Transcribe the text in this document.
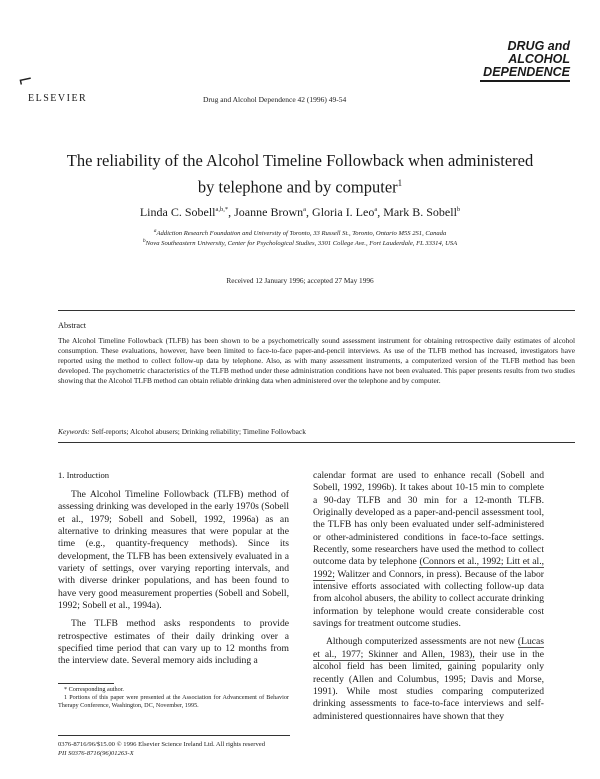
⌐
ELSEVIER	Drug and Alcohol Dependence 42 (1996) 49-54
DRUG and
ALCOHOL
DEPENDENCE
The reliability of the Alcohol Timeline Followback when administered
by telephone and by computer$^1$
Linda C. Sobell$^{a,b,*}$, Joanne Brown$^a$, Gloria I. Leo$^a$, Mark B. Sobell$^b$
$^a$Addiction Research Foundation and University of Toronto, 33 Russell St., Toronto, Ontario M5S 2S1, Canada
$^b$Nova Southeastern University, Center for Psychological Studies, 3301 College Ave., Fort Lauderdale, FL 33314, USA
Received 12 January 1996; accepted 27 May 1996
Abstract
The Alcohol Timeline Followback (TLFB) has been shown to be a psychometrically sound assessment instrument for obtaining retrospective daily estimates of alcohol consumption. These evaluations, however, have been limited to face-to-face paper-and-pencil interviews. As use of the TLFB method has increased, investigators have reported using the method to collect follow-up data by telephone. Also, as with many assessment instruments, a computerized version of the TLFB method has been developed. The psychometric characteristics of the TLFB method under these administration conditions have not been evaluated. This paper presents results from two studies showing that the Alcohol TLFB method can obtain reliable drinking data when administered over the telephone and by computer.
Keywords: Self-reports; Alcohol abusers; Drinking reliability; Timeline Followback
1. Introduction

The Alcohol Timeline Followback (TLFB) method of assessing drinking was developed in the early 1970s (Sobell et al., 1979; Sobell and Sobell, 1992, 1996a) as an alternative to drinking measures that were popular at the time (e.g., quantity-frequency methods). Since its development, the TLFB has been extensively evaluated in a variety of settings, over varying reporting intervals, and with diverse drinker populations, and has been found to have very good measurement properties (Sobell and Sobell, 1992; Sobell et al., 1994a).

The TLFB method asks respondents to provide retrospective estimates of their daily drinking over a specified time period that can vary up to 12 months from the interview date. Several memory aids including a

calendar format are used to enhance recall (Sobell and Sobell, 1992, 1996b). It takes about 10-15 min to complete a 90-day TLFB and 30 min for a 12-month TLFB. Originally developed as a paper-and-pencil assessment tool, the TLFB has only been evaluated under self-administered or other-administered conditions in face-to-face settings. Recently, some researchers have used the method to collect outcome data by telephone (Connors et al., 1992; Litt et al., 1992; Walitzer and Connors, in press). Because of the labor intensive efforts associated with collecting follow-up data from alcohol abusers, the ability to collect accurate drinking information by telephone would create considerable cost savings for treatment outcome studies.

Although computerized assessments are not new (Lucas et al., 1977; Skinner and Allen, 1983), their use in the alcohol field has been limited, gaining popularity only recently (Allen and Columbus, 1995; Davis and Morse, 1991). While most studies comparing computerized drinking assessments to face-to-face interviews and self-administered questionnaires have shown that they

* Corresponding author.

1 Portions of this paper were presented at the Association for Advancement of Behavior Therapy Conference, Washington, DC, November, 1995.

0376-8716/96/$15.00 © 1996 Elsevier Science Ireland Ltd. All rights reserved
PII S0376-8716(96)01263-X
